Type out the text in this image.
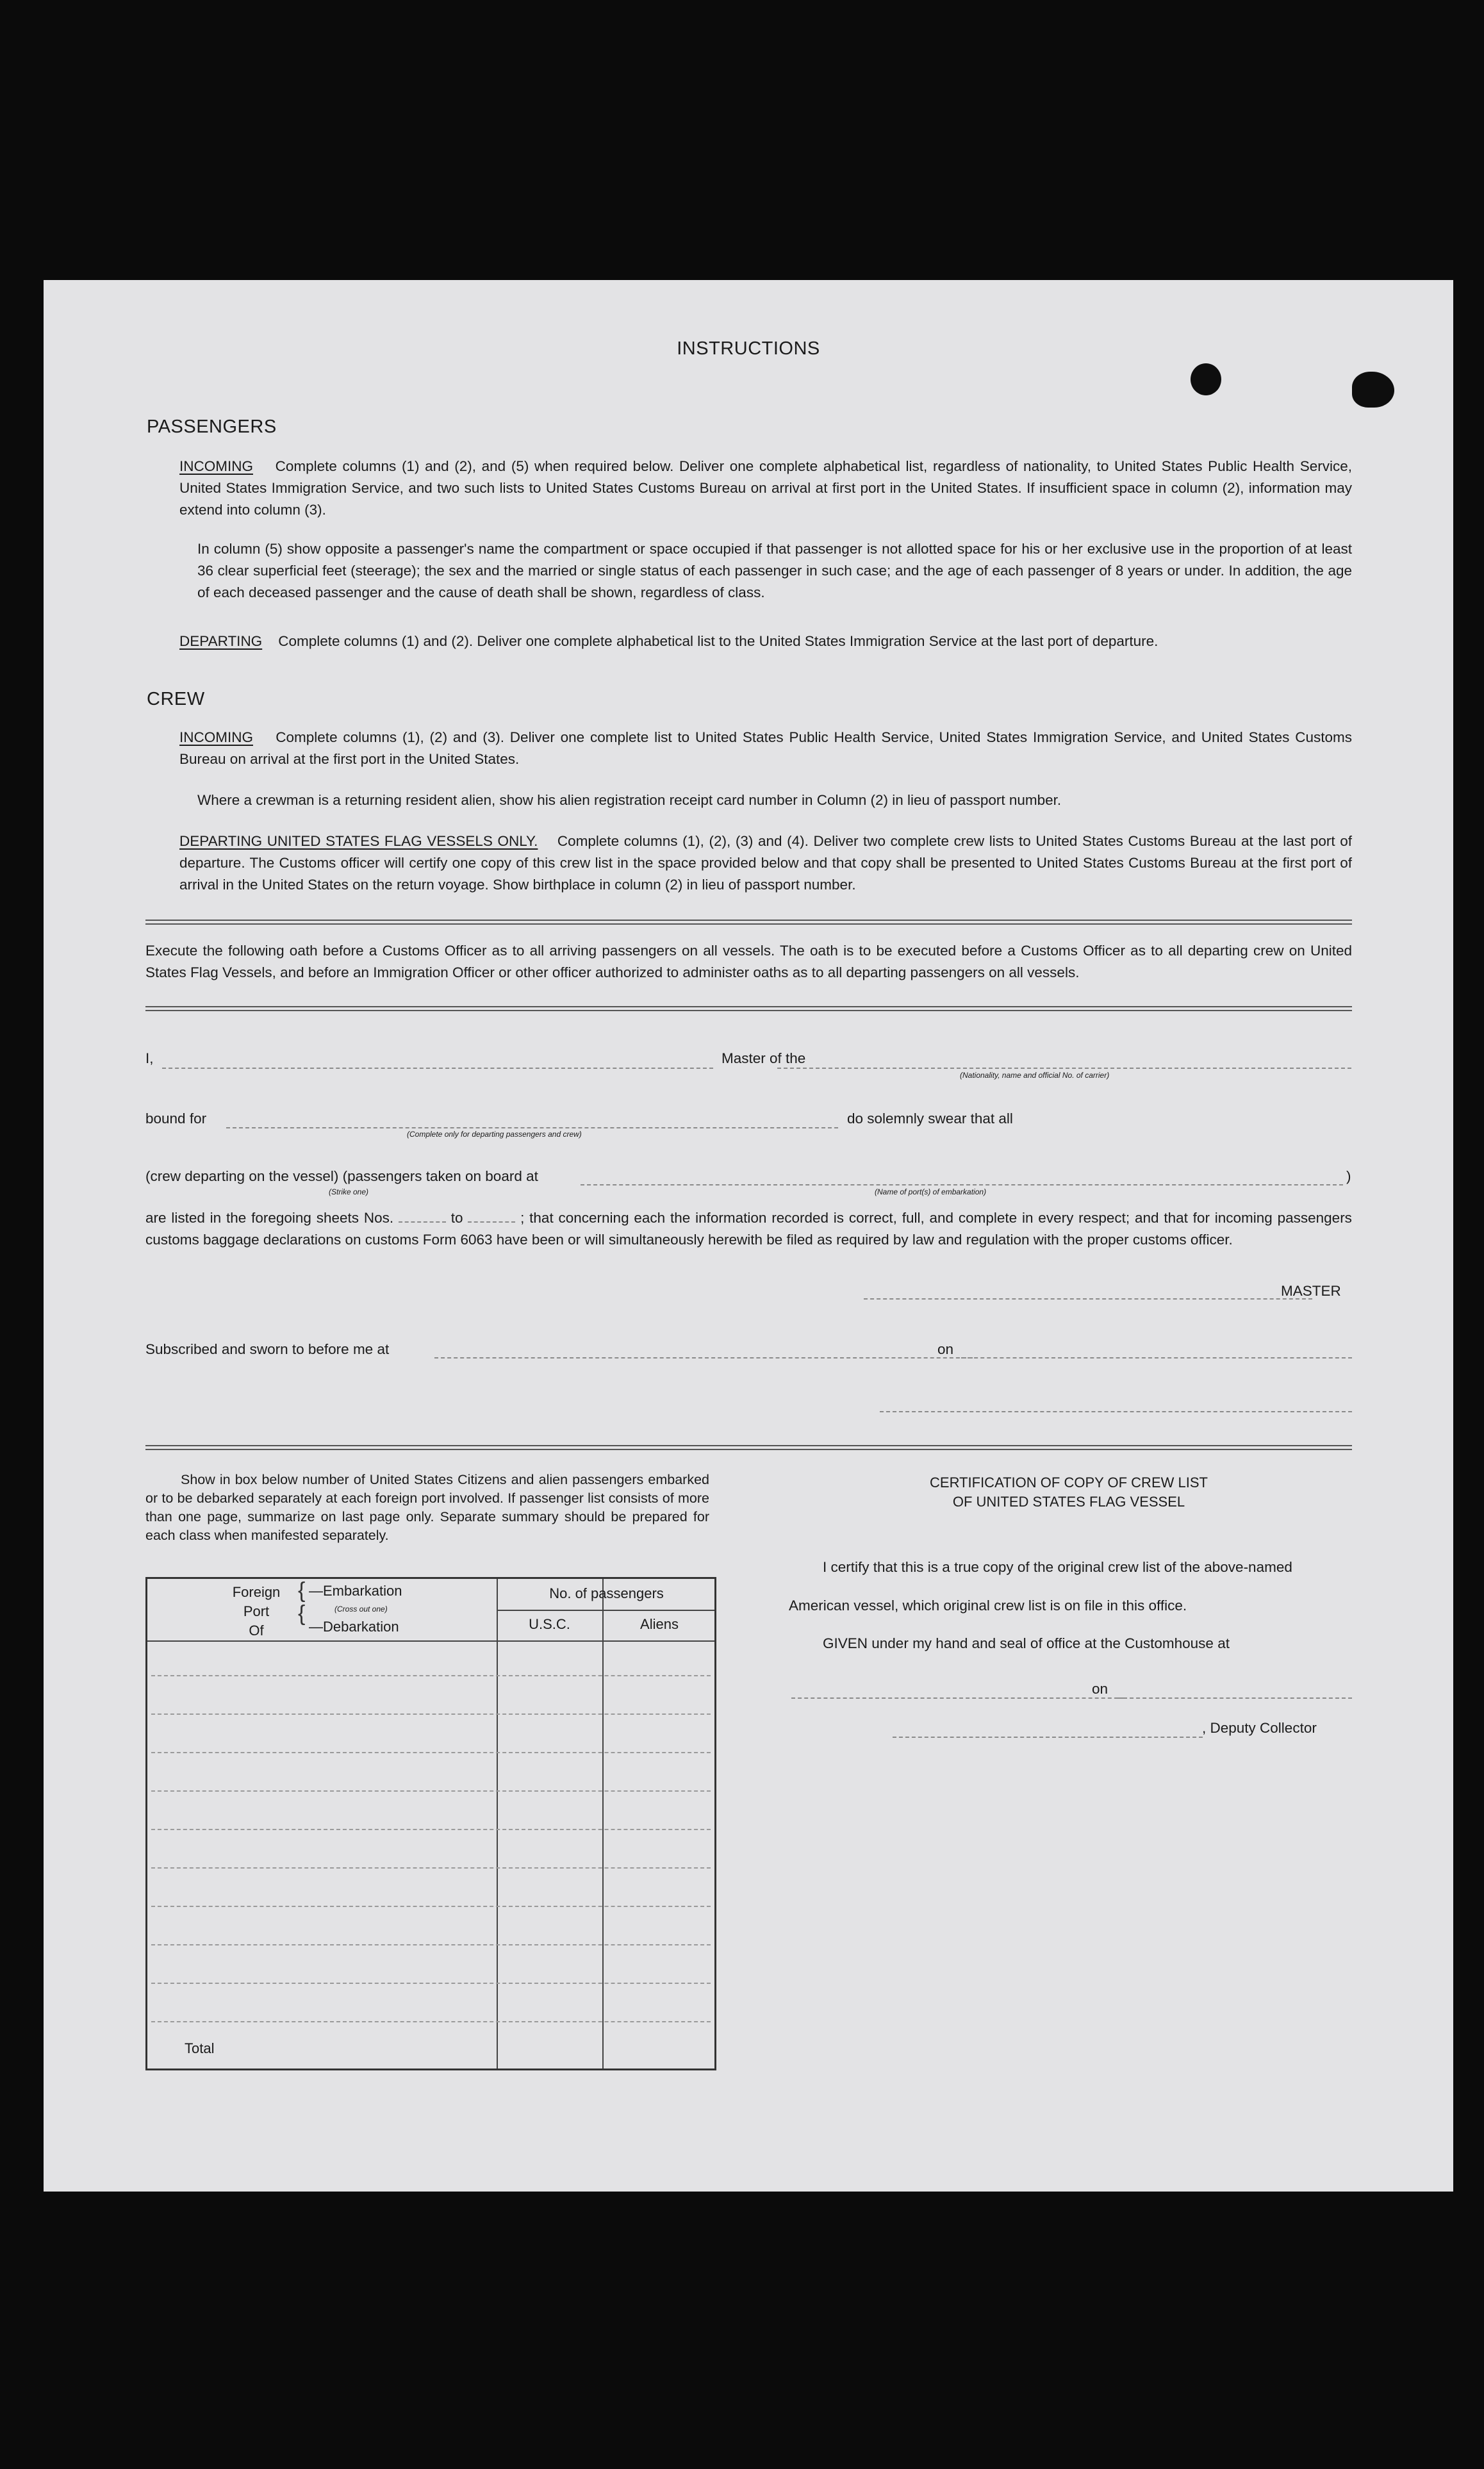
INSTRUCTIONS
PASSENGERS
INCOMING Complete columns (1) and (2), and (5) when required below. Deliver one complete alphabetical list, regardless of nationality, to United States Public Health Service, United States Immigration Service, and two such lists to United States Customs Bureau on arrival at first port in the United States. If insufficient space in column (2), information may extend into column (3).
In column (5) show opposite a passenger's name the compartment or space occupied if that passenger is not allotted space for his or her exclusive use in the proportion of at least 36 clear superficial feet (steerage); the sex and the married or single status of each passenger in such case; and the age of each passenger of 8 years or under. In addition, the age of each deceased passenger and the cause of death shall be shown, regardless of class.
DEPARTING Complete columns (1) and (2). Deliver one complete alphabetical list to the United States Immigration Service at the last port of departure.
CREW
INCOMING Complete columns (1), (2) and (3). Deliver one complete list to United States Public Health Service, United States Immigration Service, and United States Customs Bureau on arrival at the first port in the United States.
Where a crewman is a returning resident alien, show his alien registration receipt card number in Column (2) in lieu of passport number.
DEPARTING UNITED STATES FLAG VESSELS ONLY. Complete columns (1), (2), (3) and (4). Deliver two complete crew lists to United States Customs Bureau at the last port of departure. The Customs officer will certify one copy of this crew list in the space provided below and that copy shall be presented to United States Customs Bureau at the first port of arrival in the United States on the return voyage. Show birthplace in column (2) in lieu of passport number.
Execute the following oath before a Customs Officer as to all arriving passengers on all vessels. The oath is to be executed before a Customs Officer as to all departing crew on United States Flag Vessels, and before an Immigration Officer or other officer authorized to administer oaths as to all departing passengers on all vessels.
I,	Master of the
(Nationality, name and official No. of carrier)
bound for
(Complete only for departing passengers and crew)
do solemnly swear that all
(crew departing on the vessel) (passengers taken on board at	)
(Strike one)	(Name of port(s) of embarkation)
are listed in the foregoing sheets Nos.	to	; that concerning each the information recorded is correct, full, and complete in every respect; and that for incoming passengers customs baggage declarations on customs Form 6063 have been or will simultaneously herewith be filed as required by law and regulation with the proper customs officer.
MASTER
Subscribed and sworn to before me at	on
Show in box below number of United States Citizens and alien passengers embarked or to be debarked separately at each foreign port involved. If passenger list consists of more than one page, summarize on last page only. Separate summary should be prepared for each class when manifested separately.
Foreign
Port
Of
{
{
—Embarkation
(Cross out one)
—Debarkation
No. of passengers
U.S.C.	Aliens
Total
CERTIFICATION OF COPY OF CREW LIST
OF UNITED STATES FLAG VESSEL
I certify that this is a true copy of the original crew list of the above-named
American vessel, which original crew list is on file in this office.
GIVEN under my hand and seal of office at the Customhouse at
on
, Deputy Collector
